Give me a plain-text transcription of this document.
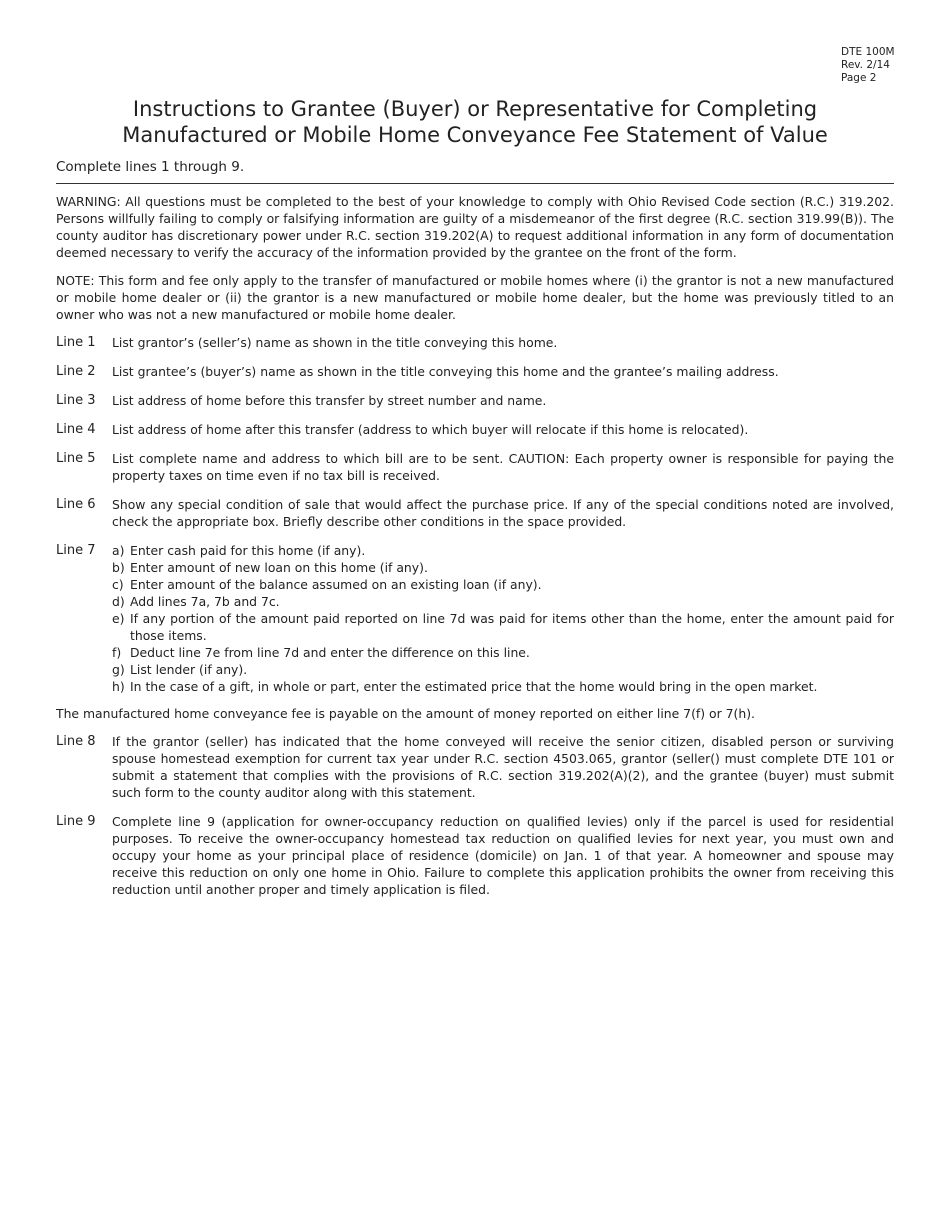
DTE 100M
Rev. 2/14
Page 2
Instructions to Grantee (Buyer) or Representative for Completing
Manufactured or Mobile Home Conveyance Fee Statement of Value
Complete lines 1 through 9.

WARNING: All questions must be completed to the best of your knowledge to comply with Ohio Revised Code section (R.C.) 319.202. Persons willfully failing to comply or falsifying information are guilty of a misdemeanor of the first degree (R.C. section 319.99(B)). The county auditor has discretionary power under R.C. section 319.202(A) to request additional information in any form of documentation deemed necessary to verify the accuracy of the information provided by the grantee on the front of the form.

NOTE: This form and fee only apply to the transfer of manufactured or mobile homes where (i) the grantor is not a new manufactured or mobile home dealer or (ii) the grantor is a new manufactured or mobile home dealer, but the home was previously titled to an owner who was not a new manufactured or mobile home dealer.

Line 1	List grantor’s (seller’s) name as shown in the title conveying this home.
Line 2	List grantee’s (buyer’s) name as shown in the title conveying this home and the grantee’s mailing address.
Line 3	List address of home before this transfer by street number and name.
Line 4	List address of home after this transfer (address to which buyer will relocate if this home is relocated).
Line 5	List complete name and address to which bill are to be sent. CAUTION: Each property owner is responsible for paying the property taxes on time even if no tax bill is received.
Line 6	Show any special condition of sale that would affect the purchase price. If any of the special conditions noted are involved, check the appropriate box. Briefly describe other conditions in the space provided.
Line 7	a) Enter cash paid for this home (if any).
b) Enter amount of new loan on this home (if any).
c) Enter amount of the balance assumed on an existing loan (if any).
d) Add lines 7a, 7b and 7c.
e) If any portion of the amount paid reported on line 7d was paid for items other than the home, enter the amount paid for those items.
f) Deduct line 7e from line 7d and enter the difference on this line.
g) List lender (if any).
h) In the case of a gift, in whole or part, enter the estimated price that the home would bring in the open market.

The manufactured home conveyance fee is payable on the amount of money reported on either line 7(f) or 7(h).

Line 8	If the grantor (seller) has indicated that the home conveyed will receive the senior citizen, disabled person or surviving spouse homestead exemption for current tax year under R.C. section 4503.065, grantor (seller() must complete DTE 101 or submit a statement that complies with the provisions of R.C. section 319.202(A)(2), and the grantee (buyer) must submit such form to the county auditor along with this statement.
Line 9	Complete line 9 (application for owner-occupancy reduction on qualified levies) only if the parcel is used for residential purposes. To receive the owner-occupancy homestead tax reduction on qualified levies for next year, you must own and occupy your home as your principal place of residence (domicile) on Jan. 1 of that year. A homeowner and spouse may receive this reduction on only one home in Ohio. Failure to complete this application prohibits the owner from receiving this reduction until another proper and timely application is filed.
